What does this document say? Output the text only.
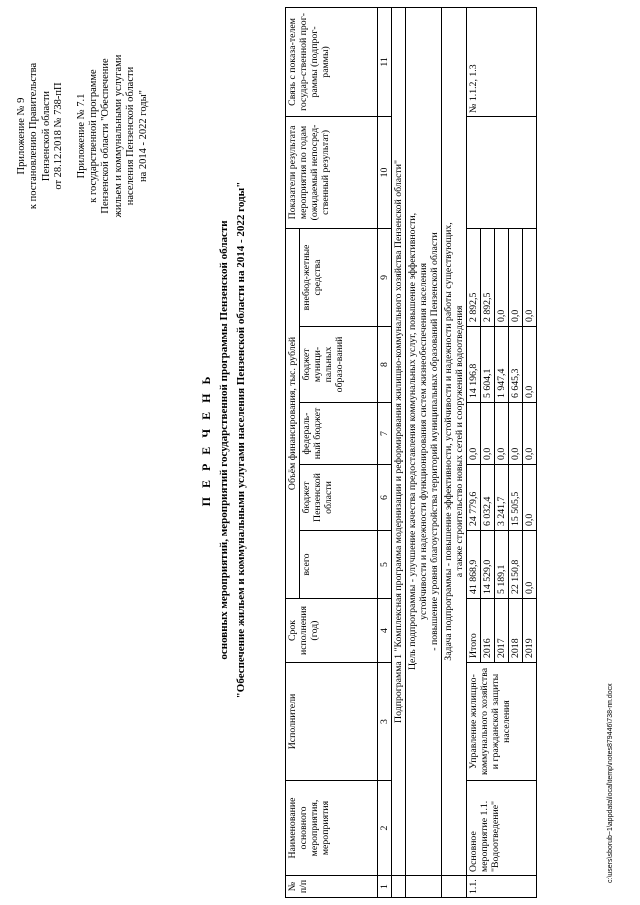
Приложение № 9 к постановлению Правительства Пензенской области от 28.12.2018 № 738-пП Приложение № 7.1 к государственной программе Пензенской области "Обеспечение жильем и коммунальными услугами населения Пензенской области на 2014 - 2022 годы"
П Е Р Е Ч Е Н Ь основных мероприятий, мероприятий государственной программы Пензенской области "Обеспечение жильем и коммунальными услугами населения Пензенской области на 2014 - 2022 годы"
№ п/п	Наименование основного мероприятия, мероприятия	Исполнители	Срок исполнения (год)	Объём финансирования, тыс. рублей					Показатели результата мероприятия по годам (ожидаемый непосред-ственный результат)	Связь с показа-телем государ-ственной прог-раммы (подпрог-раммы)
				всего	бюджет Пензенской области	федераль-ный бюджет	бюджет муници-пальных образо-ваний	внебюд-жетные средства		
1	2	3	4	5	6	7	8	9	10	11
	Подпрограмма 1 "Комплексная программа модернизации и реформирования жилищно-коммунального хозяйства Пензенской области"									

	Цель подпрограммы - улучшение качества предоставления коммунальных услуг, повышение эффективности, устойчивости и надежности функционирования систем жизнеобеспечения населения - повышение уровня благоустройства территорий муниципальных образований Пензенской области									

	Задача подпрограммы - повышение эффективности, устойчивости и надежности работы существующих, а также строительство новых сетей и сооружений водоотведения									

1.1.	Основное мероприятие 1.1. "Водоотведение"	Управление жилищно-коммунального хозяйства и гражданской защиты населения	Итого	41 868,9	24 779,6	0,0	14 196,8	2 892,5		№ 1.1.2, 1.3
			2016	14 529,0	6 032,4	0,0	5 604,1	2 892,5		
			2017	5 189,1	3 241,7	0,0	1 947,4	0,0		
			2018	22 150,8	15 505,5	0,0	6 645,3	0,0		
			2019	0,0	0,0	0,0	0,0	0,0		
c:\users\sborub~1\appdata\local\temp\notes879446\738-пп.docx
